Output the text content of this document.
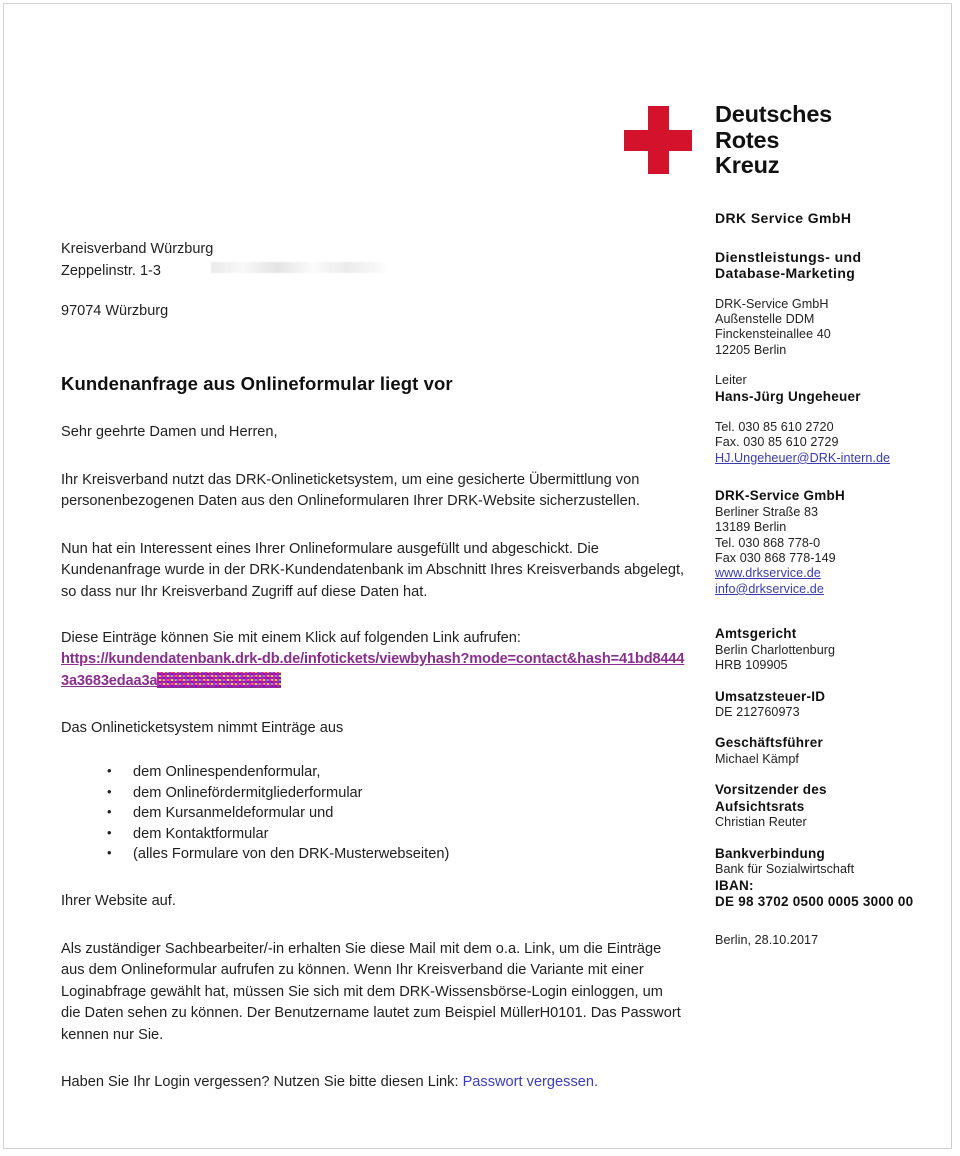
Deutsches
Rotes
Kreuz
DRK Service GmbH
Dienstleistungs- und
Database-Marketing
DRK-Service GmbH
Außenstelle DDM
Finckensteinallee 40
12205 Berlin
Leiter
Hans-Jürg Ungeheuer
Tel. 030 85 610 2720
Fax. 030 85 610 2729
HJ.Ungeheuer@DRK-intern.de
DRK-Service GmbH
Berliner Straße 83
13189 Berlin
Tel. 030 868 778-0
Fax 030 868 778-149
www.drkservice.de
info@drkservice.de
Amtsgericht
Berlin Charlottenburg
HRB 109905
Umsatzsteuer-ID
DE 212760973
Geschäftsführer
Michael Kämpf
Vorsitzender des
Aufsichtsrats
Christian Reuter
Bankverbindung
Bank für Sozialwirtschaft
IBAN:
DE 98 3702 0500 0005 3000 00
Berlin, 28.10.2017
Kreisverband Würzburg
Zeppelinstr. 1-3
97074 Würzburg
Kundenanfrage aus Onlineformular liegt vor

Sehr geehrte Damen und Herren,

Ihr Kreisverband nutzt das DRK-Onlineticketsystem, um eine gesicherte Übermittlung von personenbezogenen Daten aus den Onlineformularen Ihrer DRK-Website sicherzustellen.

Nun hat ein Interessent eines Ihrer Onlineformulare ausgefüllt und abgeschickt. Die Kundenanfrage wurde in der DRK-Kundendatenbank im Abschnitt Ihres Kreisverbands abgelegt, so dass nur Ihr Kreisverband Zugriff auf diese Daten hat.

Diese Einträge können Sie mit einem Klick auf folgenden Link aufrufen:

https://kundendatenbank.drk-db.de/infotickets/viewbyhash?mode=contact&hash=41bd84443a3683edaa3a

Das Onlineticketsystem nimmt Einträge aus

• dem Onlinespendenformular,
• dem Onlinefördermitgliederformular
• dem Kursanmeldeformular und
• dem Kontaktformular
• (alles Formulare von den DRK-Musterwebseiten)

Ihrer Website auf.

Als zuständiger Sachbearbeiter/-in erhalten Sie diese Mail mit dem o.a. Link, um die Einträge aus dem Onlineformular aufrufen zu können. Wenn Ihr Kreisverband die Variante mit einer Loginabfrage gewählt hat, müssen Sie sich mit dem DRK-Wissensbörse-Login einloggen, um die Daten sehen zu können. Der Benutzername lautet zum Beispiel MüllerH0101. Das Passwort kennen nur Sie.

Haben Sie Ihr Login vergessen? Nutzen Sie bitte diesen Link: Passwort vergessen.
